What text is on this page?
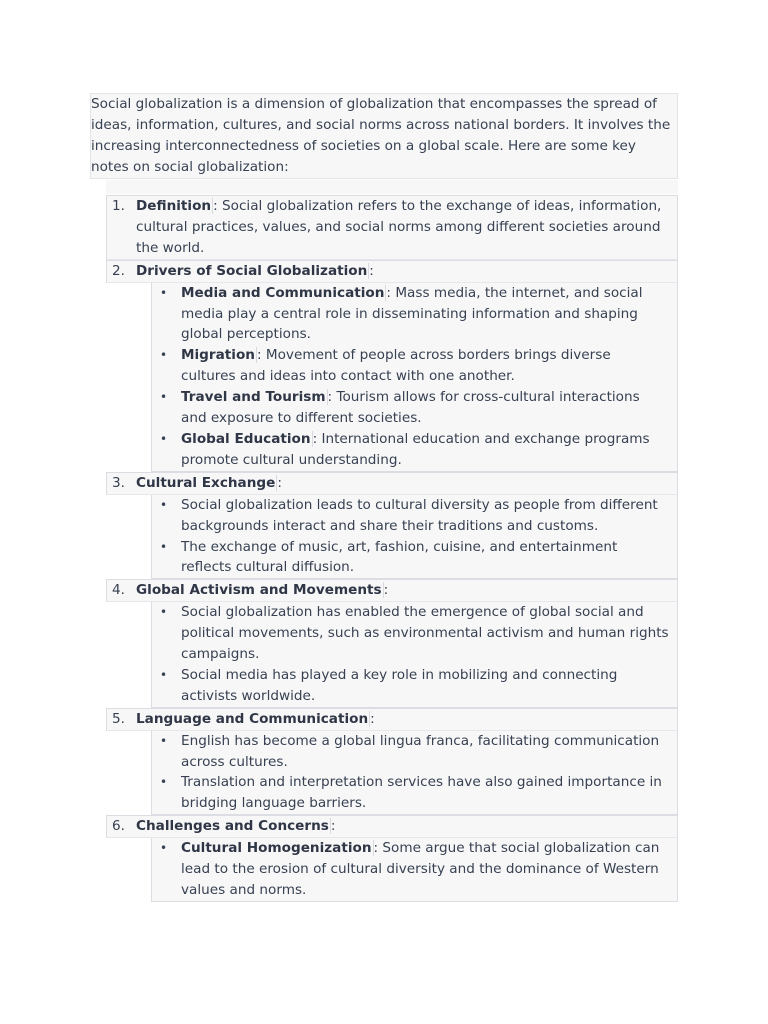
Social globalization is a dimension of globalization that encompasses the spread of ideas, information, cultures, and social norms across national borders. It involves the increasing interconnectedness of societies on a global scale. Here are some key notes on social globalization:

1. Definition : Social globalization refers to the exchange of ideas, information, cultural practices, values, and social norms among different societies around the world.
2. Drivers of Social Globalization :
• Media and Communication : Mass media, the internet, and social media play a central role in disseminating information and shaping global perceptions.
• Migration : Movement of people across borders brings diverse cultures and ideas into contact with one another.
• Travel and Tourism : Tourism allows for cross-cultural interactions and exposure to different societies.
• Global Education : International education and exchange programs promote cultural understanding.
3. Cultural Exchange :
• Social globalization leads to cultural diversity as people from different backgrounds interact and share their traditions and customs.
• The exchange of music, art, fashion, cuisine, and entertainment reflects cultural diffusion.
4. Global Activism and Movements :
• Social globalization has enabled the emergence of global social and political movements, such as environmental activism and human rights campaigns.
• Social media has played a key role in mobilizing and connecting activists worldwide.
5. Language and Communication :
• English has become a global lingua franca, facilitating communication across cultures.
• Translation and interpretation services have also gained importance in bridging language barriers.
6. Challenges and Concerns :
• Cultural Homogenization : Some argue that social globalization can lead to the erosion of cultural diversity and the dominance of Western values and norms.
